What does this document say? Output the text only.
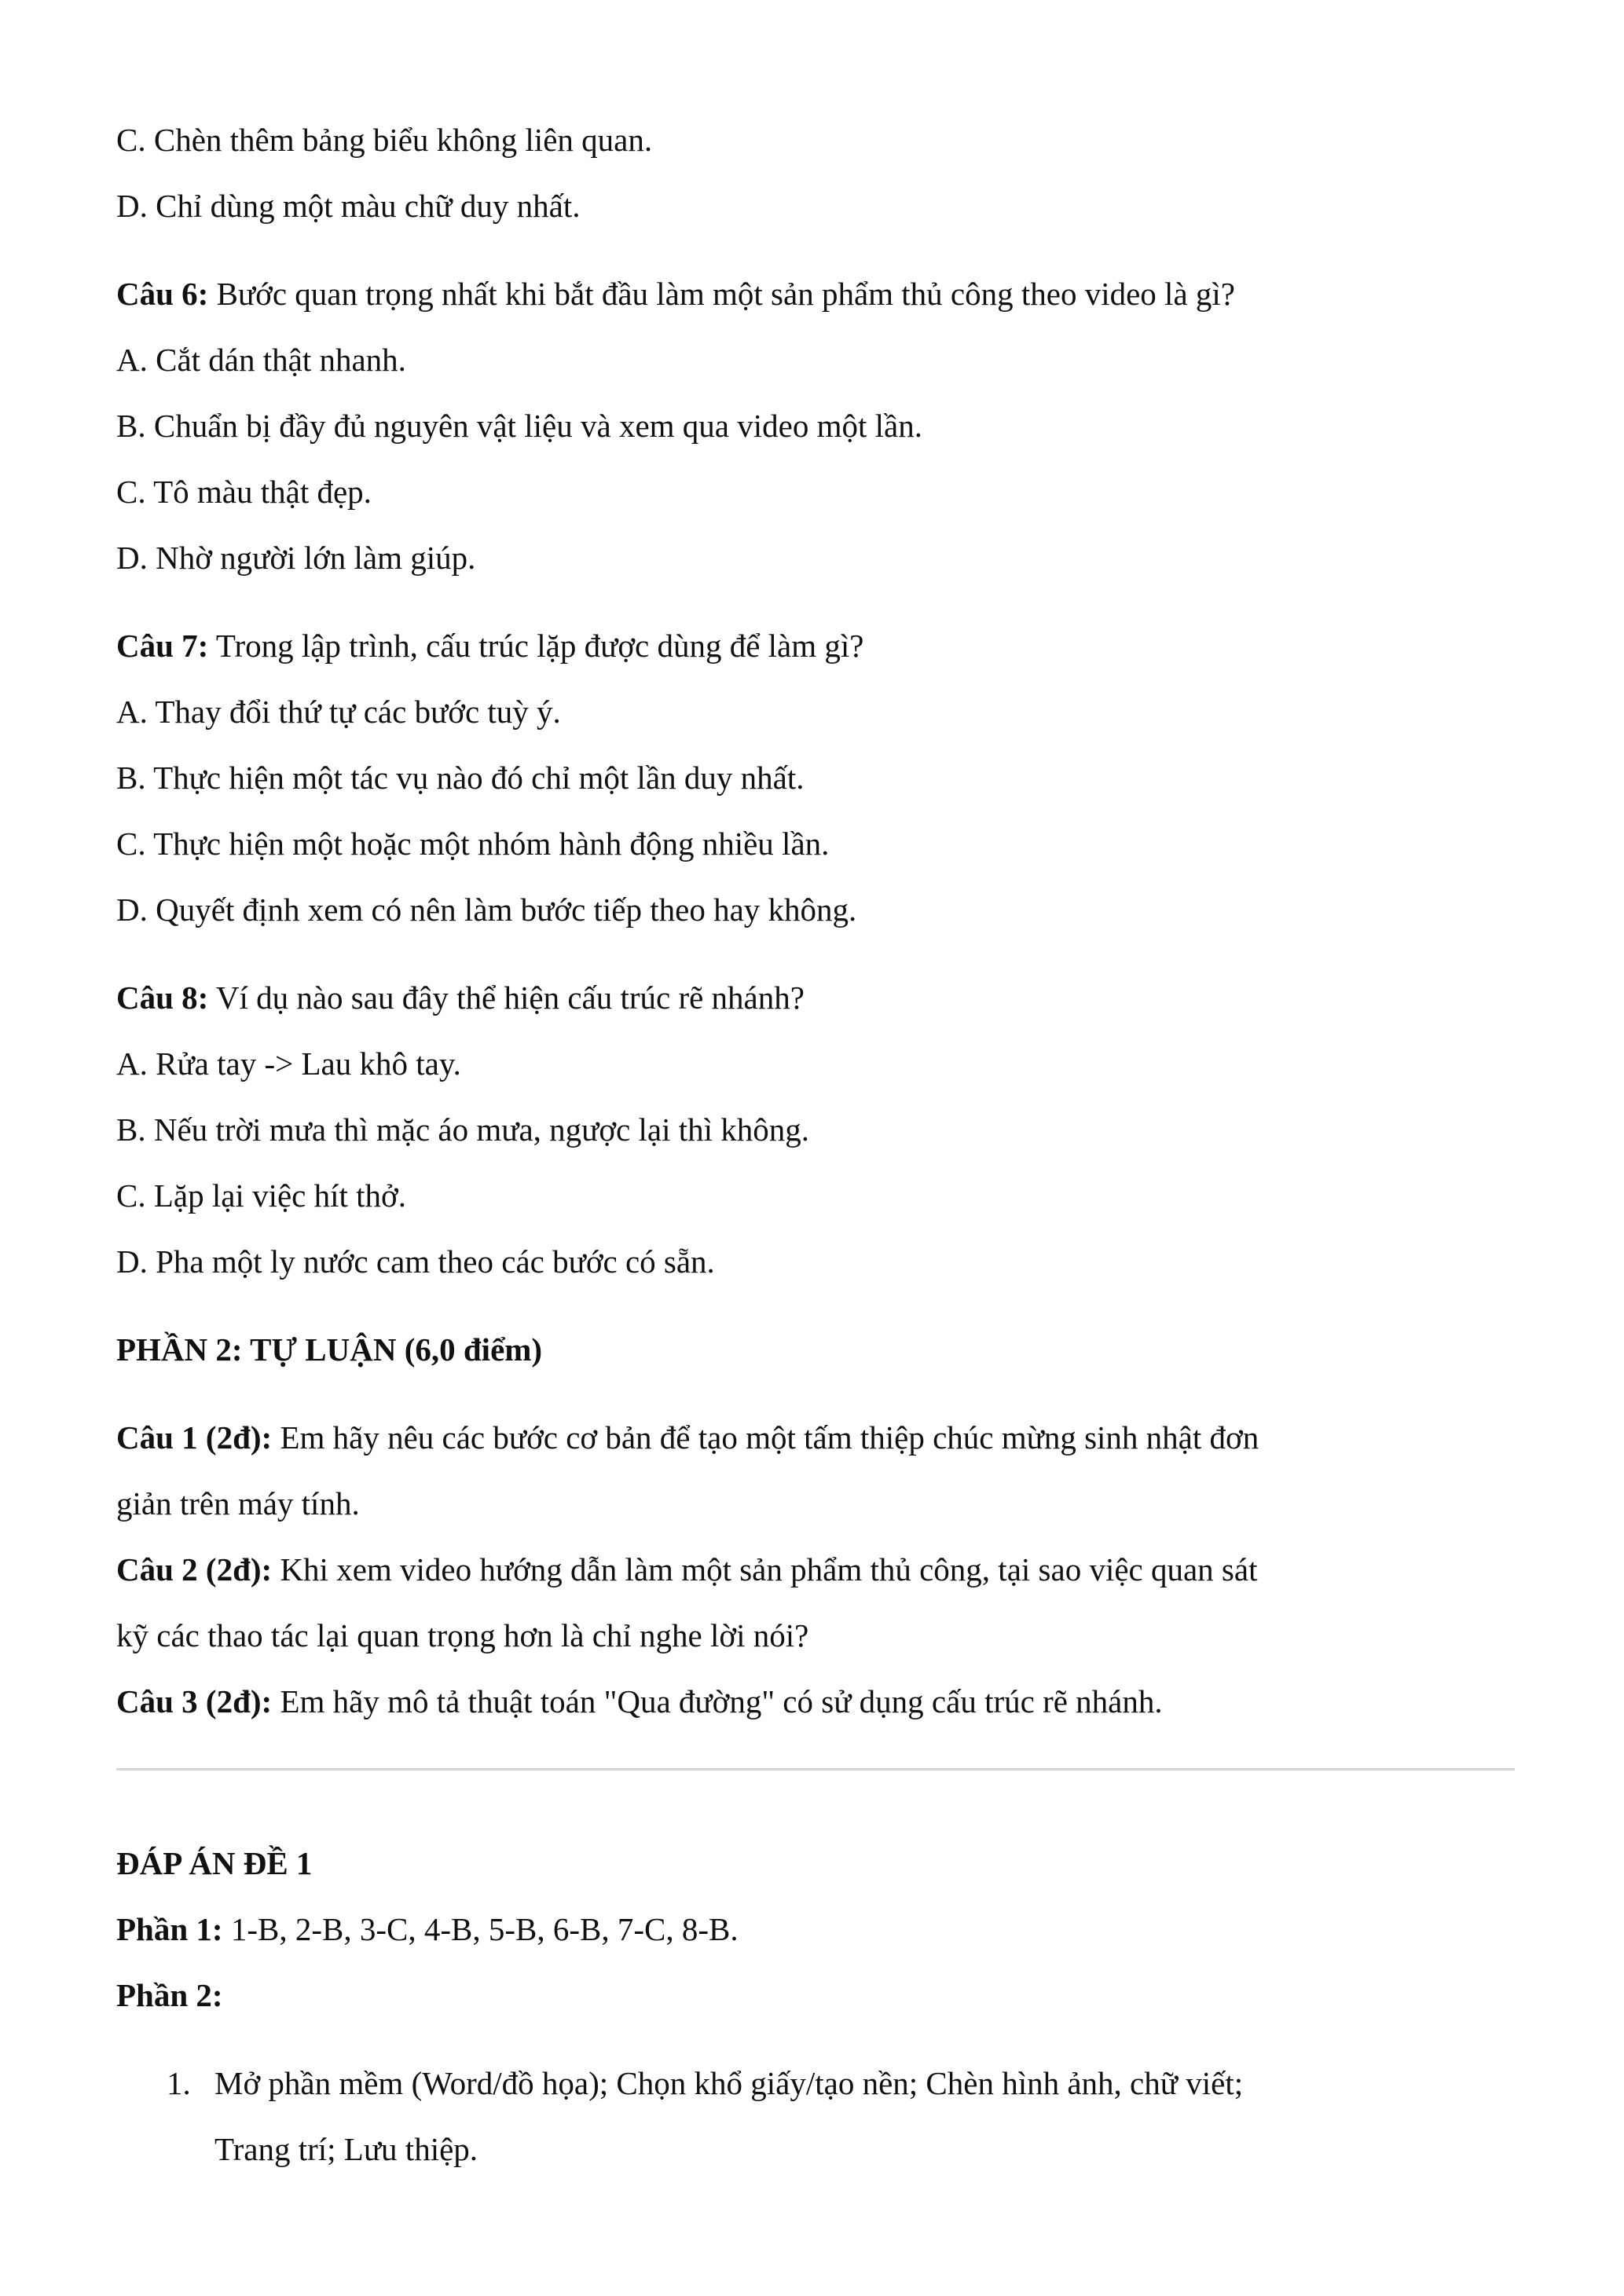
C. Chèn thêm bảng biểu không liên quan.
D. Chỉ dùng một màu chữ duy nhất.
Câu 6: Bước quan trọng nhất khi bắt đầu làm một sản phẩm thủ công theo video là gì?
A. Cắt dán thật nhanh.
B. Chuẩn bị đầy đủ nguyên vật liệu và xem qua video một lần.
C. Tô màu thật đẹp.
D. Nhờ người lớn làm giúp.
Câu 7: Trong lập trình, cấu trúc lặp được dùng để làm gì?
A. Thay đổi thứ tự các bước tuỳ ý.
B. Thực hiện một tác vụ nào đó chỉ một lần duy nhất.
C. Thực hiện một hoặc một nhóm hành động nhiều lần.
D. Quyết định xem có nên làm bước tiếp theo hay không.
Câu 8: Ví dụ nào sau đây thể hiện cấu trúc rẽ nhánh?
A. Rửa tay -> Lau khô tay.
B. Nếu trời mưa thì mặc áo mưa, ngược lại thì không.
C. Lặp lại việc hít thở.
D. Pha một ly nước cam theo các bước có sẵn.
PHẦN 2: TỰ LUẬN (6,0 điểm)
Câu 1 (2đ): Em hãy nêu các bước cơ bản để tạo một tấm thiệp chúc mừng sinh nhật đơn
giản trên máy tính.
Câu 2 (2đ): Khi xem video hướng dẫn làm một sản phẩm thủ công, tại sao việc quan sát
kỹ các thao tác lại quan trọng hơn là chỉ nghe lời nói?
Câu 3 (2đ): Em hãy mô tả thuật toán "Qua đường" có sử dụng cấu trúc rẽ nhánh.
ĐÁP ÁN ĐỀ 1
Phần 1: 1-B, 2-B, 3-C, 4-B, 5-B, 6-B, 7-C, 8-B.
Phần 2:
1. Mở phần mềm (Word/đồ họa); Chọn khổ giấy/tạo nền; Chèn hình ảnh, chữ viết;
Trang trí; Lưu thiệp.
